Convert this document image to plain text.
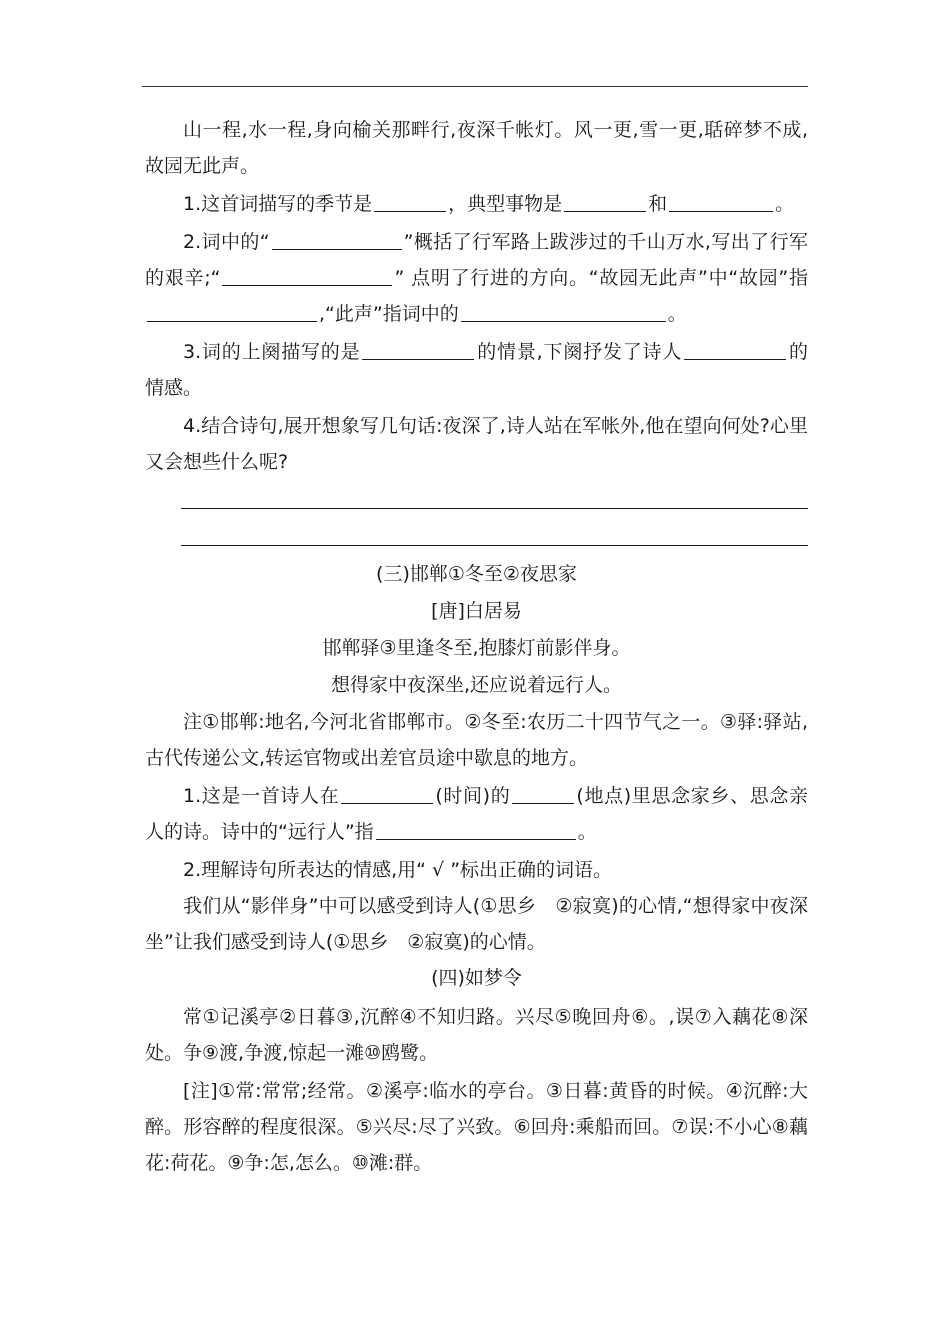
山一程,水一程,身向榆关那畔行,夜深千帐灯。风一更,雪一更,聒碎梦不成,故园无此声。

1.这首词描写的季节是	，典型事物是	和	。

2.词中的“	”概括了行军路上跋涉过的千山万水,写出了行军的艰辛;“	” 点明了行进的方向。“故园无此声”中“故园”指,“此声”指词中的	。

3.词的上阕描写的是	的情景,下阕抒发了诗人	的情感。

4.结合诗句,展开想象写几句话:夜深了,诗人站在军帐外,他在望向何处?心里又会想些什么呢?

(三)邯郸①冬至②夜思家

[唐]白居易

邯郸驿③里逢冬至,抱膝灯前影伴身。

想得家中夜深坐,还应说着远行人。

注①邯郸:地名,今河北省邯郸市。②冬至:农历二十四节气之一。③驿:驿站,古代传递公文,转运官物或出差官员途中歇息的地方。

1.这是一首诗人在	(时间)的	(地点)里思念家乡、思念亲人的诗。诗中的“远行人”指	。

2.理解诗句所表达的情感,用“ √ ”标出正确的词语。

我们从“影伴身”中可以感受到诗人(①思乡　②寂寞)的心情,“想得家中夜深坐”让我们感受到诗人(①思乡　②寂寞)的心情。

(四)如梦令

常①记溪亭②日暮③,沉醉④不知归路。兴尽⑤晚回舟⑥。,误⑦入藕花⑧深处。争⑨渡,争渡,惊起一滩⑩鸥鹭。

[注]①常:常常;经常。②溪亭:临水的亭台。③日暮:黄昏的时候。④沉醉:大醉。形容醉的程度很深。⑤兴尽:尽了兴致。⑥回舟:乘船而回。⑦误:不小心⑧藕花:荷花。⑨争:怎,怎么。⑩滩:群。
